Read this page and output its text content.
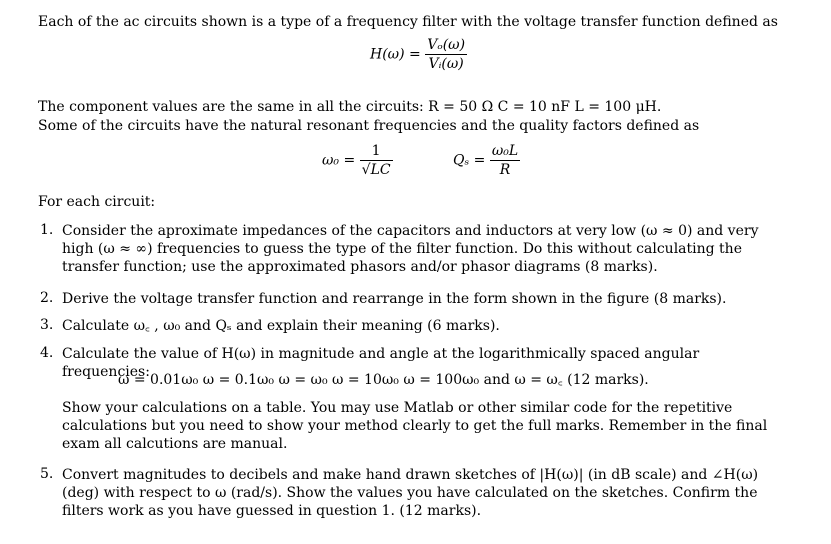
Each of the ac circuits shown is a type of a frequency filter with the voltage transfer function defined as
$H(\omega) = \frac{\text{Vₒ(ω)}}{\text{Vᵢ(ω)}}$
The component values are the same in all the circuits: R = 50 Ω C = 10 nF L = 100 μH.
Some of the circuits have the natural resonant frequencies and the quality factors defined as
$\omega_0 = \frac{1}{√LC}$	$Q_s = \frac{\text{ω₀L}}{R}$
For each circuit:
1. Consider the aproximate impedances of the capacitors and inductors at very low (ω ≈ 0) and very high (ω ≈ ∞) frequencies to guess the type of the filter function. Do this without calculating the transfer function; use the approximated phasors and/or phasor diagrams (8 marks).
2. Derive the voltage transfer function and rearrange in the form shown in the figure (8 marks).
3. Calculate ω꜀ , ω₀ and Qₛ and explain their meaning (6 marks).
4. Calculate the value of H(ω) in magnitude and angle at the logarithmically spaced angular frequencies:
ω = 0.01ω₀ ω = 0.1ω₀ ω = ω₀ ω = 10ω₀ ω = 100ω₀ and ω = ω꜀ (12 marks).
Show your calculations on a table. You may use Matlab or other similar code for the repetitive calculations but you need to show your method clearly to get the full marks. Remember in the final exam all calcutions are manual.
5. Convert magnitudes to decibels and make hand drawn sketches of |H(ω)| (in dB scale) and ∠H(ω) (deg) with respect to ω (rad/s). Show the values you have calculated on the sketches. Confirm the filters work as you have guessed in question 1. (12 marks).
